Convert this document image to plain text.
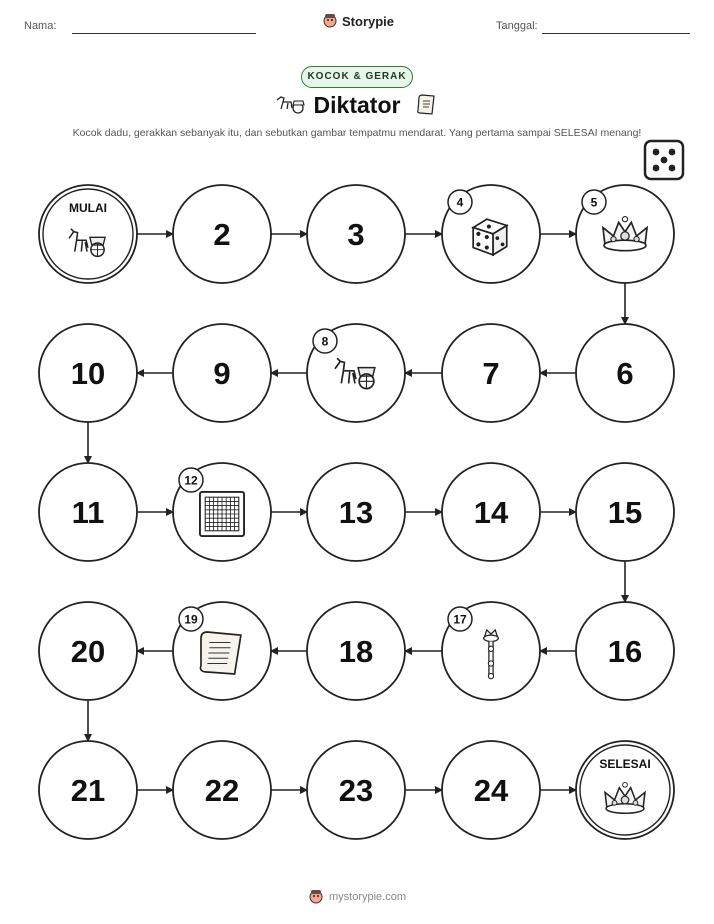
Nama:	Storypie	Tanggal:
KOCOK & GERAK
Diktator
Kocok dadu, gerakkan sebanyak itu, dan sebutkan gambar tempatmu mendarat. Yang pertama sampai SELESAI menang!
MULAI
2	3
4	5
6
7
8
9
10
11
12
13	14	15
16
17
18
19
20
21	22	23	24
SELESAI
mystorypie.com
